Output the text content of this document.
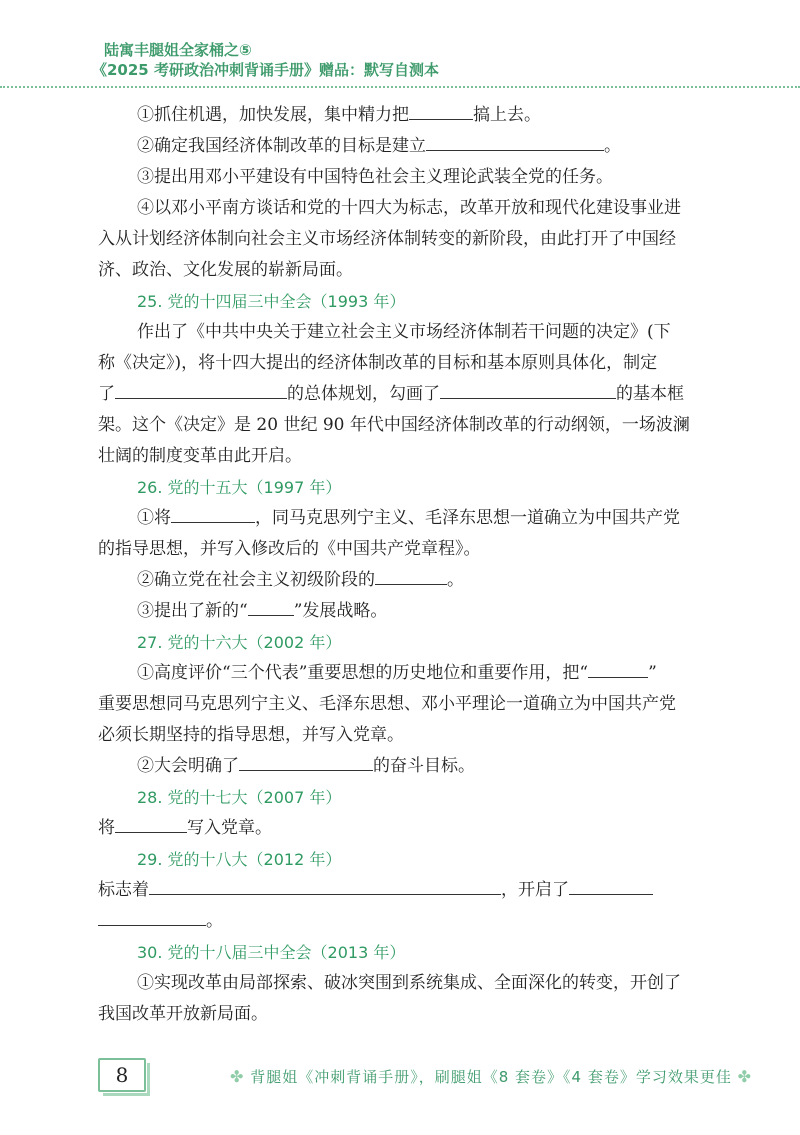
陆寓丰腿姐全家桶之⑤
《2025 考研政治冲刺背诵手册》赠品：默写自测本

①抓住机遇，加快发展，集中精力把	搞上去。

②确定我国经济体制改革的目标是建立	。

③提出用邓小平建设有中国特色社会主义理论武装全党的任务。

④以邓小平南方谈话和党的十四大为标志，改革开放和现代化建设事业进

入从计划经济体制向社会主义市场经济体制转变的新阶段，由此打开了中国经

济、政治、文化发展的崭新局面。

25. 党的十四届三中全会（1993 年）

作出了《中共中央关于建立社会主义市场经济体制若干问题的决定》(下

称《决定》)，将十四大提出的经济体制改革的目标和基本原则具体化，制定

了	的总体规划，勾画了	的基本框

架。这个《决定》是 20 世纪 90 年代中国经济体制改革的行动纲领，一场波澜

壮阔的制度变革由此开启。

26. 党的十五大（1997 年）

①将	，同马克思列宁主义、毛泽东思想一道确立为中国共产党

的指导思想，并写入修改后的《中国共产党章程》。

②确立党在社会主义初级阶段的	。

③提出了新的“	”发展战略。

27. 党的十六大（2002 年）

①高度评价“三个代表”重要思想的历史地位和重要作用，把“	”

重要思想同马克思列宁主义、毛泽东思想、邓小平理论一道确立为中国共产党

必须长期坚持的指导思想，并写入党章。

②大会明确了	的奋斗目标。

28. 党的十七大（2007 年）

将	写入党章。

29. 党的十八大（2012 年）

标志着	，开启了

。

30. 党的十八届三中全会（2013 年）

①实现改革由局部探索、破冰突围到系统集成、全面深化的转变，开创了

我国改革开放新局面。

8	✤ 背腿姐《冲刺背诵手册》，刷腿姐《8 套卷》《4 套卷》学习效果更佳 ✤
